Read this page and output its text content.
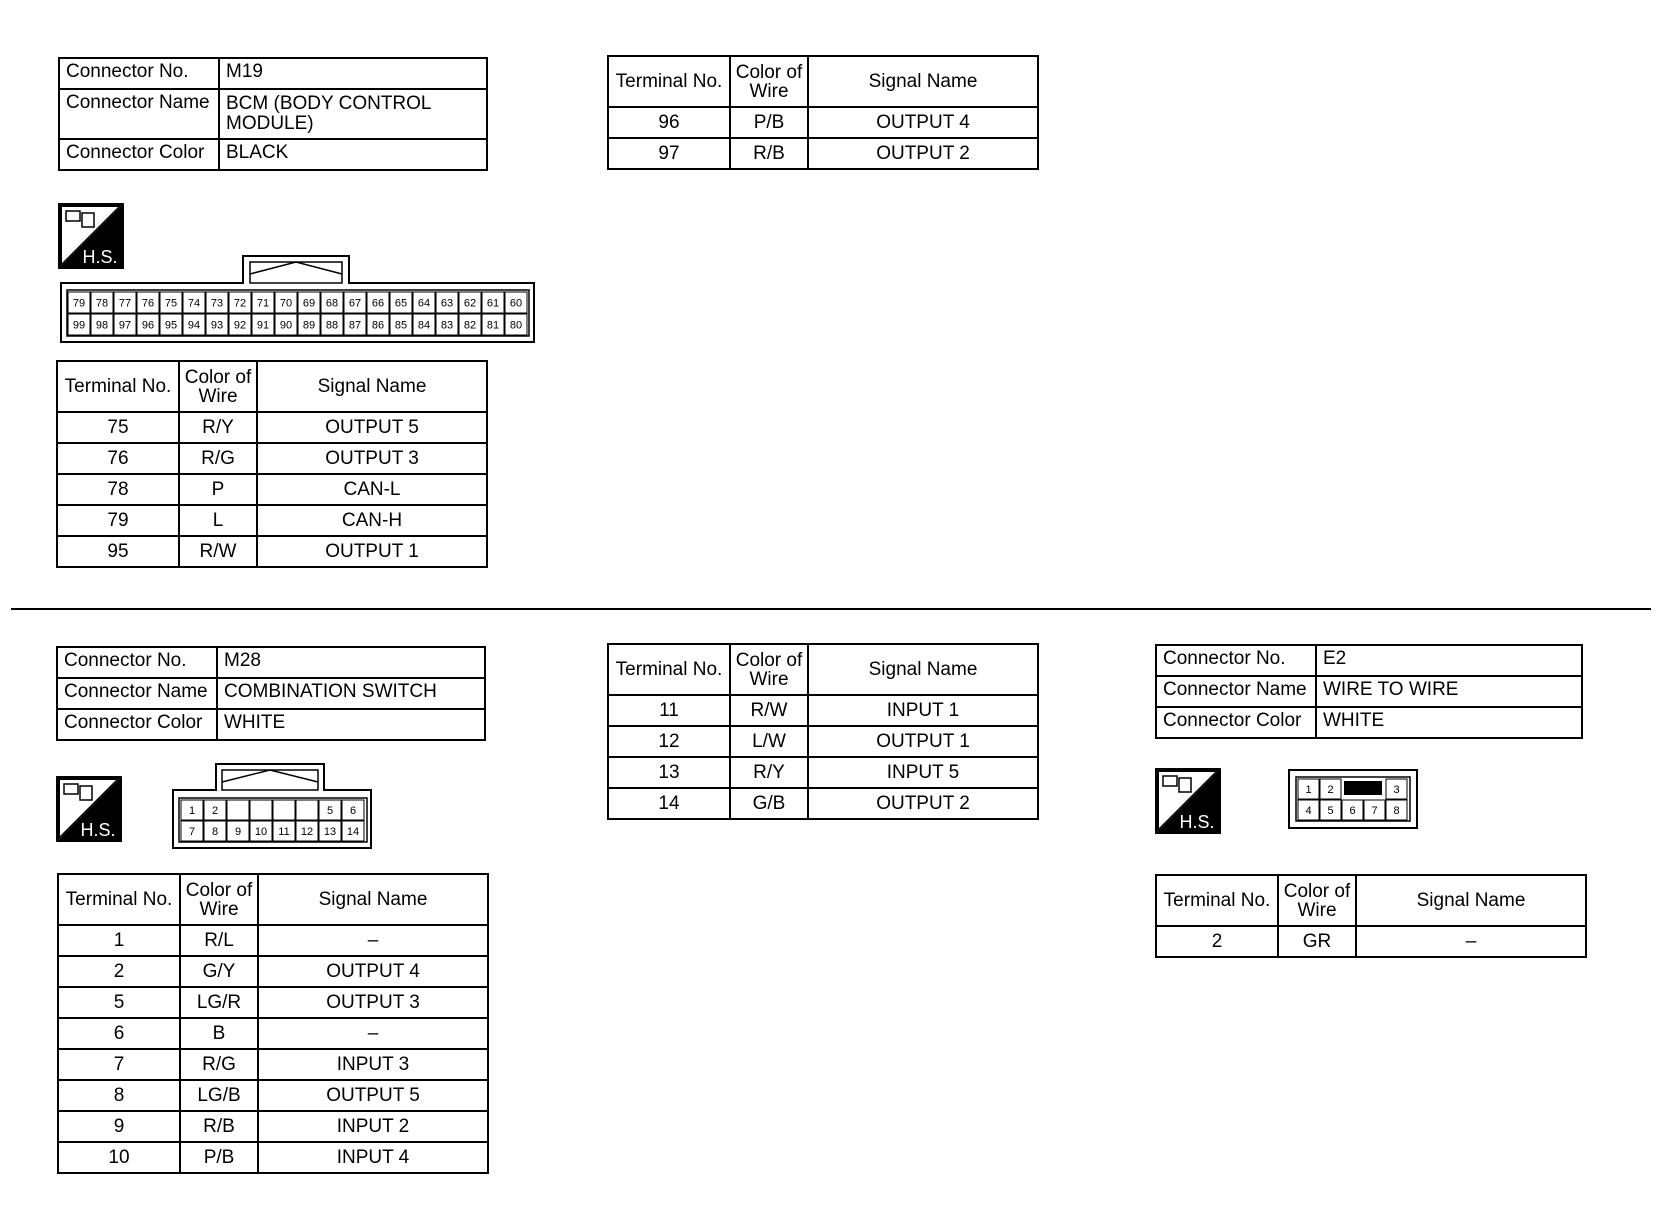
Connector No.	M19
Connector Name	BCM (BODY CONTROL MODULE)
Connector Color	BLACK
H.S.
79
99
78
98
77
97
76
96
75
95
74
94
73
93
72
92
71
91
70
90
69
89
68
88
67
87
66
86
65
85
64
84
63
83
62
82
61
81
60
80
Terminal No.	Color of Wire	Signal Name
75	R/Y	OUTPUT 5
76	R/G	OUTPUT 3
78	P	CAN-L
79	L	CAN-H
95	R/W	OUTPUT 1
Terminal No.	Color of Wire	Signal Name
96	P/B	OUTPUT 4
97	R/B	OUTPUT 2
Connector No.	M28
Connector Name	COMBINATION SWITCH
Connector Color	WHITE
H.S.
1
7
2
8 9 10 11 12
5
13
6
14
Terminal No.	Color of Wire	Signal Name
1	R/L	–
2	G/Y	OUTPUT 4
5	LG/R	OUTPUT 3
6	B	–
7	R/G	INPUT 3
8	LG/B	OUTPUT 5
9	R/B	INPUT 2
10	P/B	INPUT 4
Terminal No.	Color of Wire	Signal Name
11	R/W	INPUT 1
12	L/W	OUTPUT 1
13	R/Y	INPUT 5
14	G/B	OUTPUT 2
Connector No.	E2
Connector Name	WIRE TO WIRE
Connector Color	WHITE
H.S.
1 2	3
4 5 6 7 8
Terminal No.	Color of Wire	Signal Name
2	GR	–
